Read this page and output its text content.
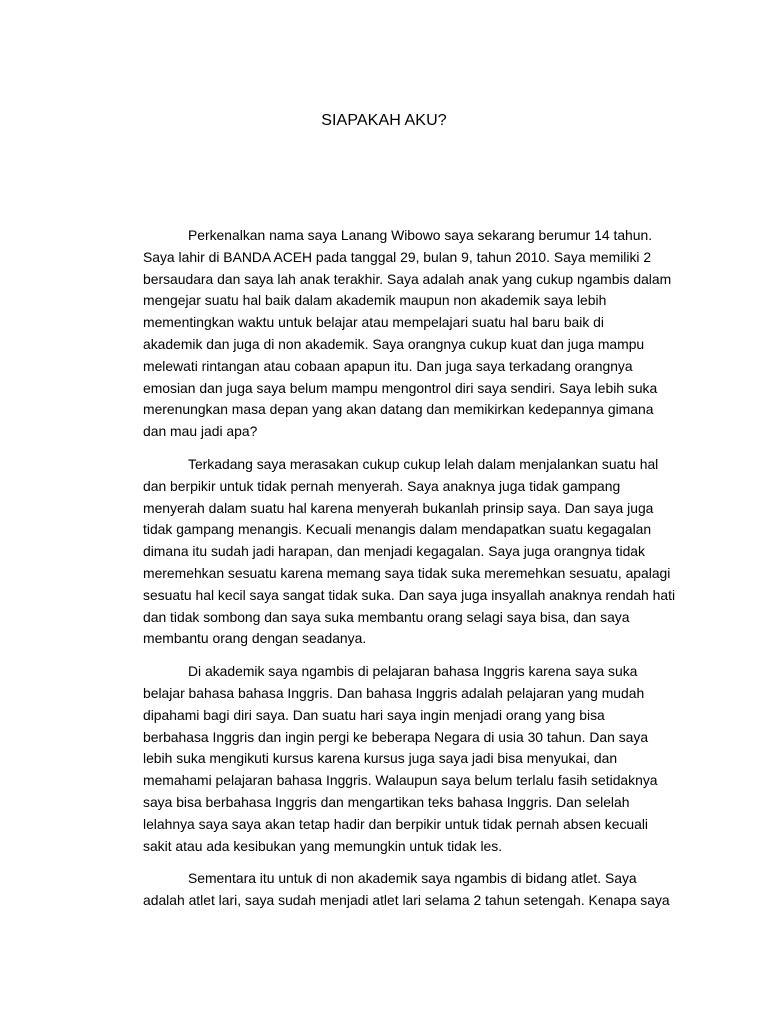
SIAPAKAH AKU?
Perkenalkan nama saya Lanang Wibowo saya sekarang berumur 14 tahun.
Saya lahir di BANDA ACEH pada tanggal 29, bulan 9, tahun 2010. Saya memiliki 2
bersaudara dan saya lah anak terakhir. Saya adalah anak yang cukup ngambis dalam
mengejar suatu hal baik dalam akademik maupun non akademik saya lebih
mementingkan waktu untuk belajar atau mempelajari suatu hal baru baik di
akademik dan juga di non akademik. Saya orangnya cukup kuat dan juga mampu
melewati rintangan atau cobaan apapun itu. Dan juga saya terkadang orangnya
emosian dan juga saya belum mampu mengontrol diri saya sendiri. Saya lebih suka
merenungkan masa depan yang akan datang dan memikirkan kedepannya gimana
dan mau jadi apa?
Terkadang saya merasakan cukup cukup lelah dalam menjalankan suatu hal
dan berpikir untuk tidak pernah menyerah. Saya anaknya juga tidak gampang
menyerah dalam suatu hal karena menyerah bukanlah prinsip saya. Dan saya juga
tidak gampang menangis. Kecuali menangis dalam mendapatkan suatu kegagalan
dimana itu sudah jadi harapan, dan menjadi kegagalan. Saya juga orangnya tidak
meremehkan sesuatu karena memang saya tidak suka meremehkan sesuatu, apalagi
sesuatu hal kecil saya sangat tidak suka. Dan saya juga insyallah anaknya rendah hati
dan tidak sombong dan saya suka membantu orang selagi saya bisa, dan saya
membantu orang dengan seadanya.
Di akademik saya ngambis di pelajaran bahasa Inggris karena saya suka
belajar bahasa bahasa Inggris. Dan bahasa Inggris adalah pelajaran yang mudah
dipahami bagi diri saya. Dan suatu hari saya ingin menjadi orang yang bisa
berbahasa Inggris dan ingin pergi ke beberapa Negara di usia 30 tahun. Dan saya
lebih suka mengikuti kursus karena kursus juga saya jadi bisa menyukai, dan
memahami pelajaran bahasa Inggris. Walaupun saya belum terlalu fasih setidaknya
saya bisa berbahasa Inggris dan mengartikan teks bahasa Inggris. Dan selelah
lelahnya saya saya akan tetap hadir dan berpikir untuk tidak pernah absen kecuali
sakit atau ada kesibukan yang memungkin untuk tidak les.
Sementara itu untuk di non akademik saya ngambis di bidang atlet. Saya
adalah atlet lari, saya sudah menjadi atlet lari selama 2 tahun setengah. Kenapa saya
